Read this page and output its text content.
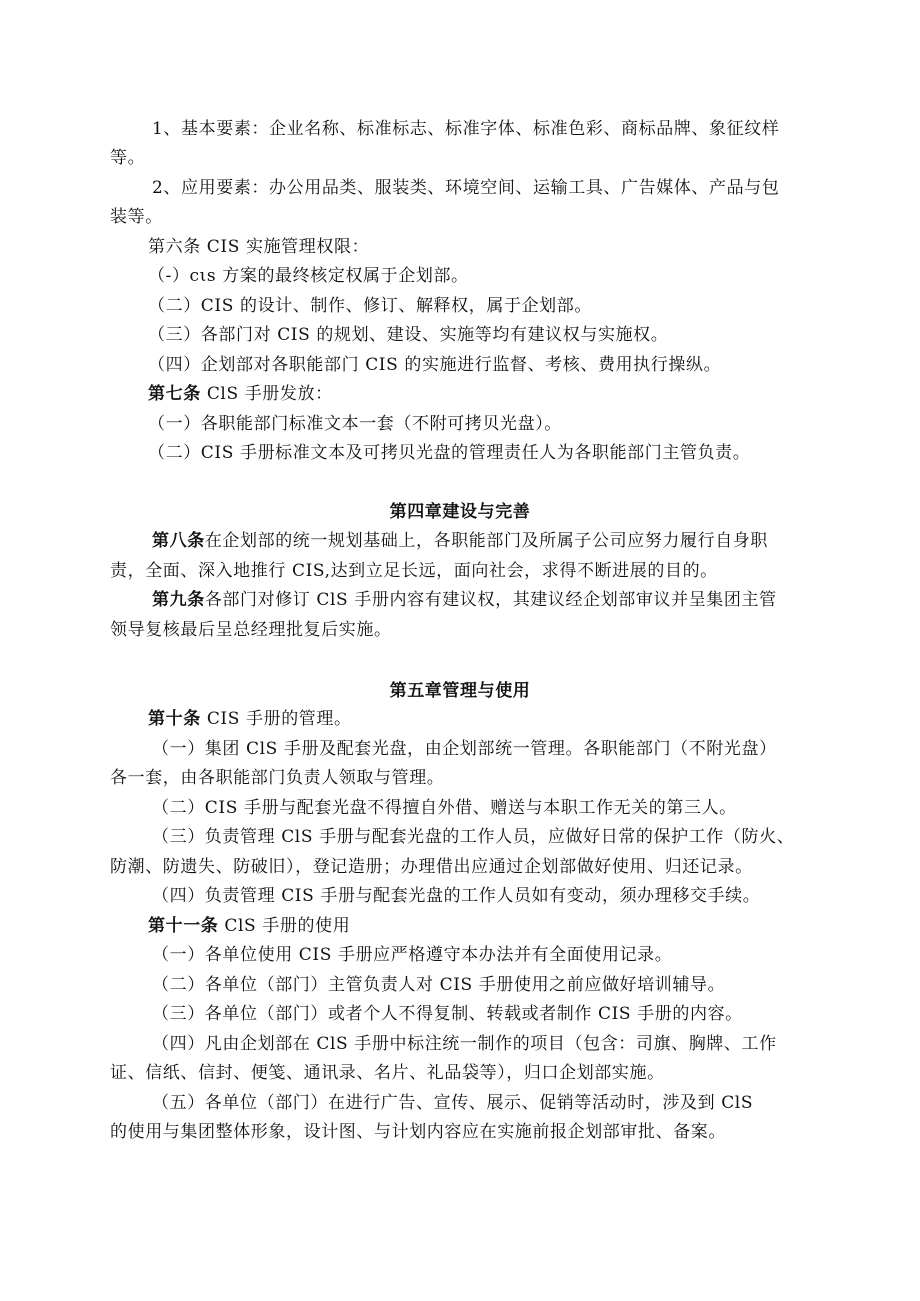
1、基本要素：企业名称、标准标志、标准字体、标准色彩、商标品牌、象征纹样
等。
2、应用要素：办公用品类、服装类、环境空间、运输工具、广告媒体、产品与包
装等。
第六条 CIS 实施管理权限：
（-）cιs 方案的最终核定权属于企划部。
（二）CIS 的设计、制作、修订、解释权，属于企划部。
（三）各部门对 CIS 的规划、建设、实施等均有建议权与实施权。
（四）企划部对各职能部门 CIS 的实施进行监督、考核、费用执行操纵。
第七条 ClS 手册发放：
（一）各职能部门标准文本一套（不附可拷贝光盘）。
（二）CIS 手册标准文本及可拷贝光盘的管理责任人为各职能部门主管负责。
第四章建设与完善
第八条在企划部的统一规划基础上，各职能部门及所属子公司应努力履行自身职
责，全面、深入地推行 CIS,达到立足长远，面向社会，求得不断进展的目的。
第九条各部门对修订 ClS 手册内容有建议权，其建议经企划部审议并呈集团主管
领导复核最后呈总经理批复后实施。
第五章管理与使用
第十条 CIS 手册的管理。
（一）集团 ClS 手册及配套光盘，由企划部统一管理。各职能部门（不附光盘）
各一套，由各职能部门负责人领取与管理。
（二）CIS 手册与配套光盘不得擅自外借、赠送与本职工作无关的第三人。
（三）负责管理 ClS 手册与配套光盘的工作人员，应做好日常的保护工作（防火、
防潮、防遗失、防破旧），登记造册；办理借出应通过企划部做好使用、归还记录。
（四）负责管理 CIS 手册与配套光盘的工作人员如有变动，须办理移交手续。
第十一条 ClS 手册的使用
（一）各单位使用 CIS 手册应严格遵守本办法并有全面使用记录。
（二）各单位（部门）主管负责人对 CIS 手册使用之前应做好培训辅导。
（三）各单位（部门）或者个人不得复制、转载或者制作 CIS 手册的内容。
（四）凡由企划部在 ClS 手册中标注统一制作的项目（包含：司旗、胸牌、工作
证、信纸、信封、便笺、通讯录、名片、礼品袋等），归口企划部实施。
（五）各单位（部门）在进行广告、宣传、展示、促销等活动时，涉及到 ClS
的使用与集团整体形象，设计图、与计划内容应在实施前报企划部审批、备案。
